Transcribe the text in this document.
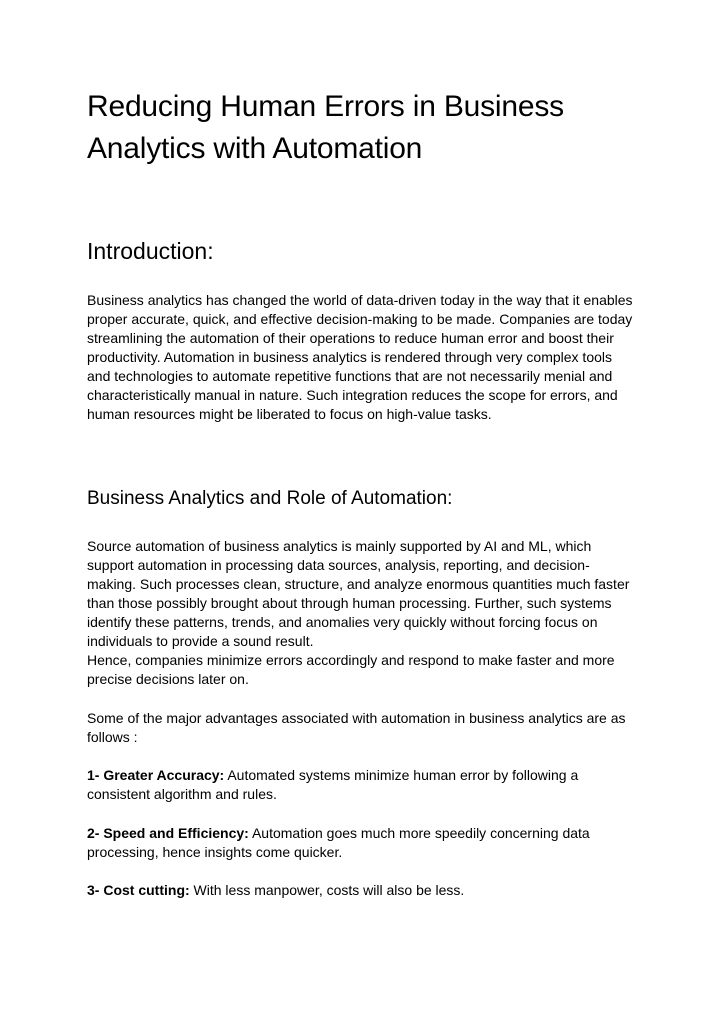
Reducing Human Errors in Business Analytics with Automation
Introduction:

Business analytics has changed the world of data-driven today in the way that it enables proper accurate, quick, and effective decision-making to be made. Companies are today streamlining the automation of their operations to reduce human error and boost their productivity. Automation in business analytics is rendered through very complex tools and technologies to automate repetitive functions that are not necessarily menial and characteristically manual in nature. Such integration reduces the scope for errors, and human resources might be liberated to focus on high-value tasks.

Business Analytics and Role of Automation:

Source automation of business analytics is mainly supported by AI and ML, which support automation in processing data sources, analysis, reporting, and decision-making. Such processes clean, structure, and analyze enormous quantities much faster than those possibly brought about through human processing. Further, such systems identify these patterns, trends, and anomalies very quickly without forcing focus on individuals to provide a sound result.

Hence, companies minimize errors accordingly and respond to make faster and more precise decisions later on.

Some of the major advantages associated with automation in business analytics are as follows :

1- Greater Accuracy: Automated systems minimize human error by following a consistent algorithm and rules.

2- Speed and Efficiency: Automation goes much more speedily concerning data processing, hence insights come quicker.

3- Cost cutting: With less manpower, costs will also be less.
